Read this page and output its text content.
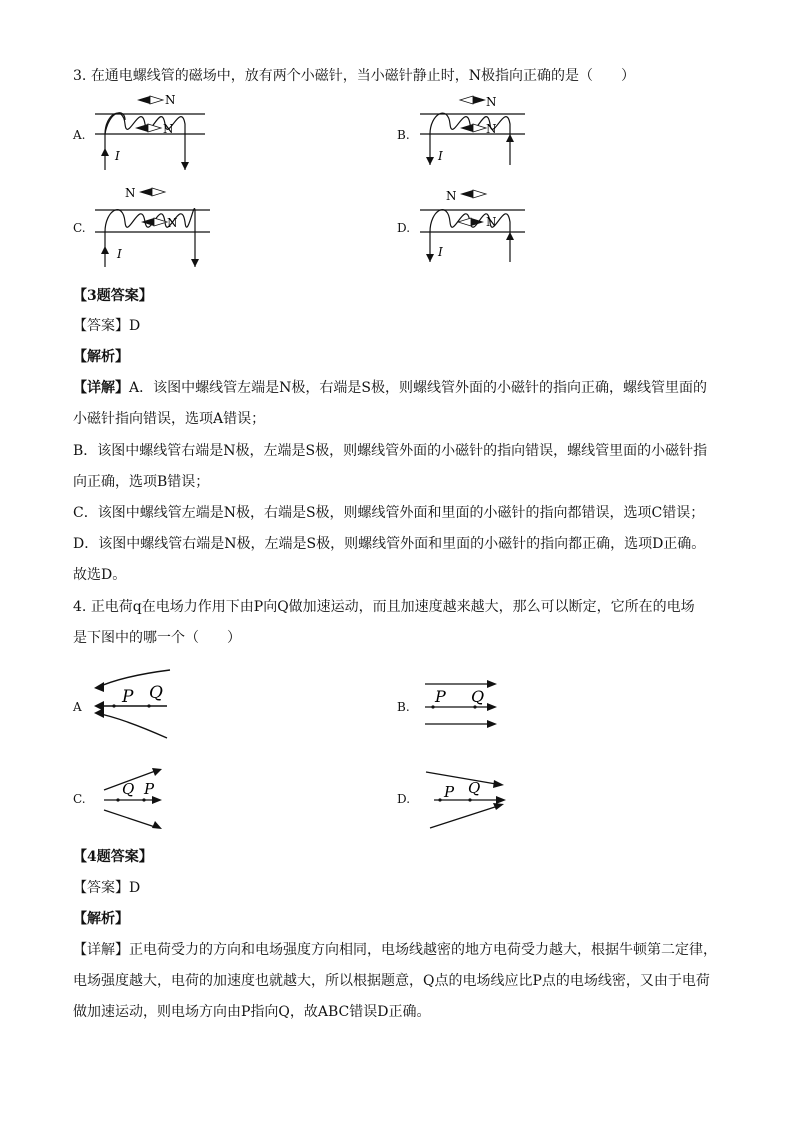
3. 在通电螺线管的磁场中，放有两个小磁针，当小磁针静止时，N极指向正确的是（　　）
A.	B.
C.	D.
N
N
I
N
N
I
N
N
I
N
N
I
【3题答案】
【答案】D
【解析】
【详解】A．该图中螺线管左端是N极，右端是S极，则螺线管外面的小磁针的指向正确，螺线管里面的
小磁针指向错误，选项A错误；
B．该图中螺线管右端是N极，左端是S极，则螺线管外面的小磁针的指向错误，螺线管里面的小磁针指
向正确，选项B错误；
C．该图中螺线管左端是N极，右端是S极，则螺线管外面和里面的小磁针的指向都错误，选项C错误；
D．该图中螺线管右端是N极，左端是S极，则螺线管外面和里面的小磁针的指向都正确，选项D正确。
故选D。
4. 正电荷q在电场力作用下由P向Q做加速运动，而且加速度越来越大，那么可以断定，它所在的电场
是下图中的哪一个（　　）
A	B.
C.	D.
P Q	P Q
Q P	P Q
【4题答案】
【答案】D
【解析】
【详解】正电荷受力的方向和电场强度方向相同，电场线越密的地方电荷受力越大，根据牛顿第二定律，
电场强度越大，电荷的加速度也就越大，所以根据题意，Q点的电场线应比P点的电场线密，又由于电荷
做加速运动，则电场方向由P指向Q，故ABC错误D正确。
